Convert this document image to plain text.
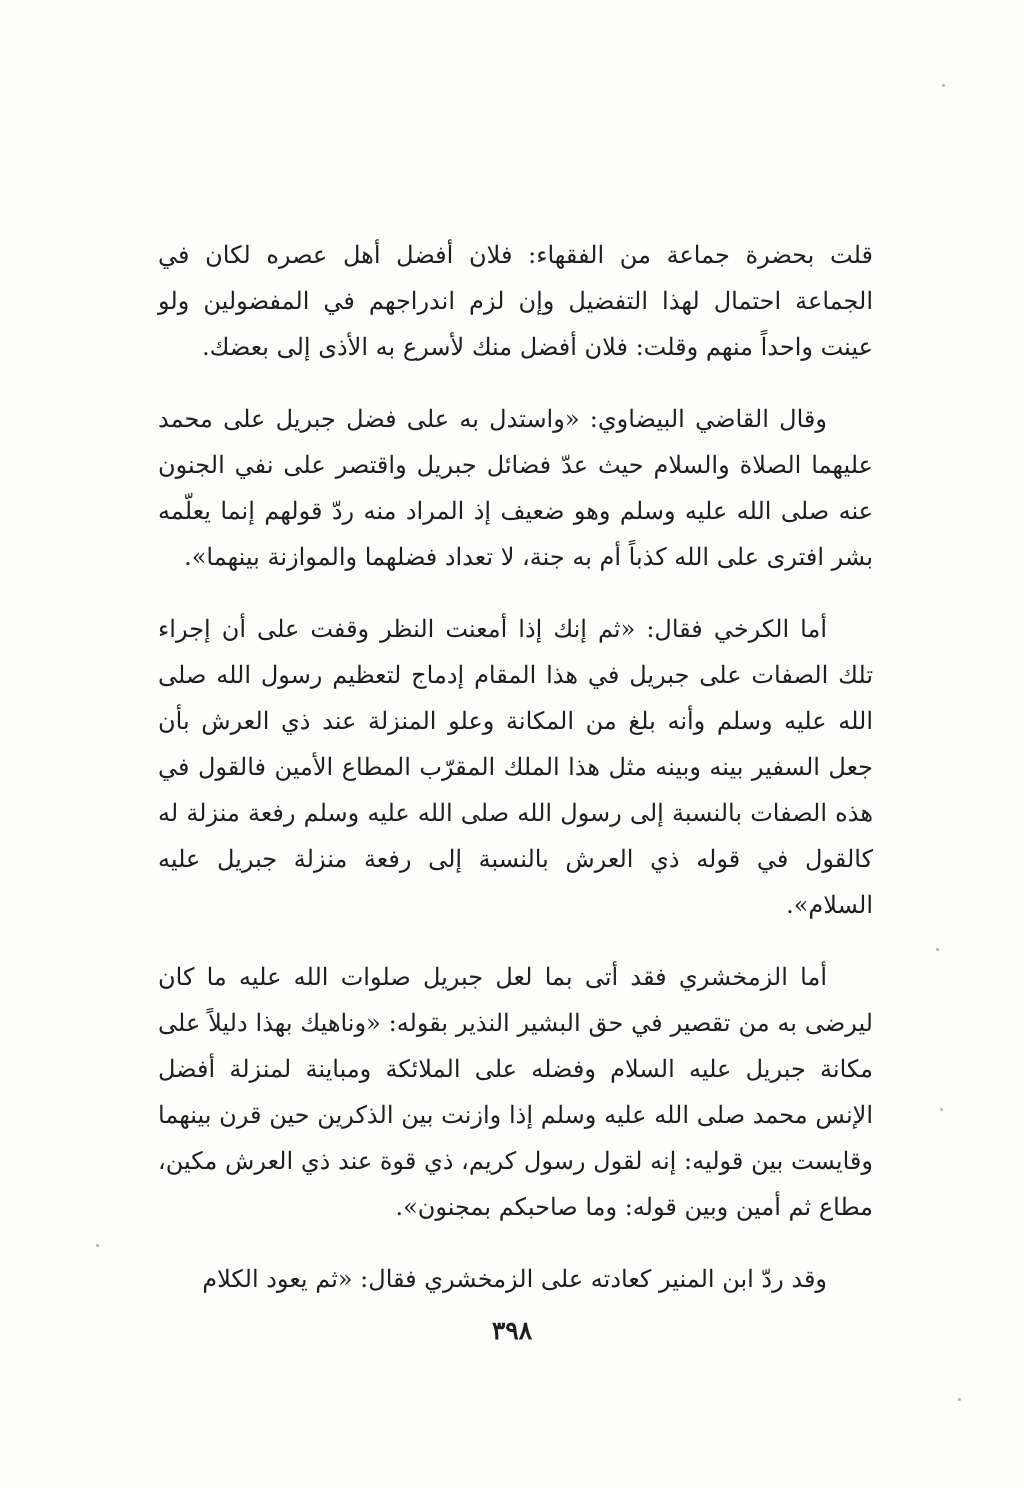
قلت بحضرة جماعة من الفقهاء: فلان أفضل أهل عصره لكان في الجماعة احتمال لهذا التفضيل وإن لزم اندراجهم في المفضولين ولو عينت واحداً منهم وقلت: فلان أفضل منك لأسرع به الأذى إلى بعضك.

وقال القاضي البيضاوي: «واستدل به على فضل جبريل على محمد عليهما الصلاة والسلام حيث عدّ فضائل جبريل واقتصر على نفي الجنون عنه صلى الله عليه وسلم وهو ضعيف إذ المراد منه ردّ قولهم إنما يعلّمه بشر افترى على الله كذباً أم به جنة، لا تعداد فضلهما والموازنة بينهما».

أما الكرخي فقال: «ثم إنك إذا أمعنت النظر وقفت على أن إجراء تلك الصفات على جبريل في هذا المقام إدماج لتعظيم رسول الله صلى الله عليه وسلم وأنه بلغ من المكانة وعلو المنزلة عند ذي العرش بأن جعل السفير بينه وبينه مثل هذا الملك المقرّب المطاع الأمين فالقول في هذه الصفات بالنسبة إلى رسول الله صلى الله عليه وسلم رفعة منزلة له كالقول في قوله ذي العرش بالنسبة إلى رفعة منزلة جبريل عليه السلام».

أما الزمخشري فقد أتى بما لعل جبريل صلوات الله عليه ما كان ليرضى به من تقصير في حق البشير النذير بقوله: «وناهيك بهذا دليلاً على مكانة جبريل عليه السلام وفضله على الملائكة ومباينة لمنزلة أفضل الإنس محمد صلى الله عليه وسلم إذا وازنت بين الذكرين حين قرن بينهما وقايست بين قوليه: إنه لقول رسول كريم، ذي قوة عند ذي العرش مكين، مطاع ثم أمين وبين قوله: وما صاحبكم بمجنون».

وقد ردّ ابن المنير كعادته على الزمخشري فقال: «ثم يعود الكلام

٣٩٨
